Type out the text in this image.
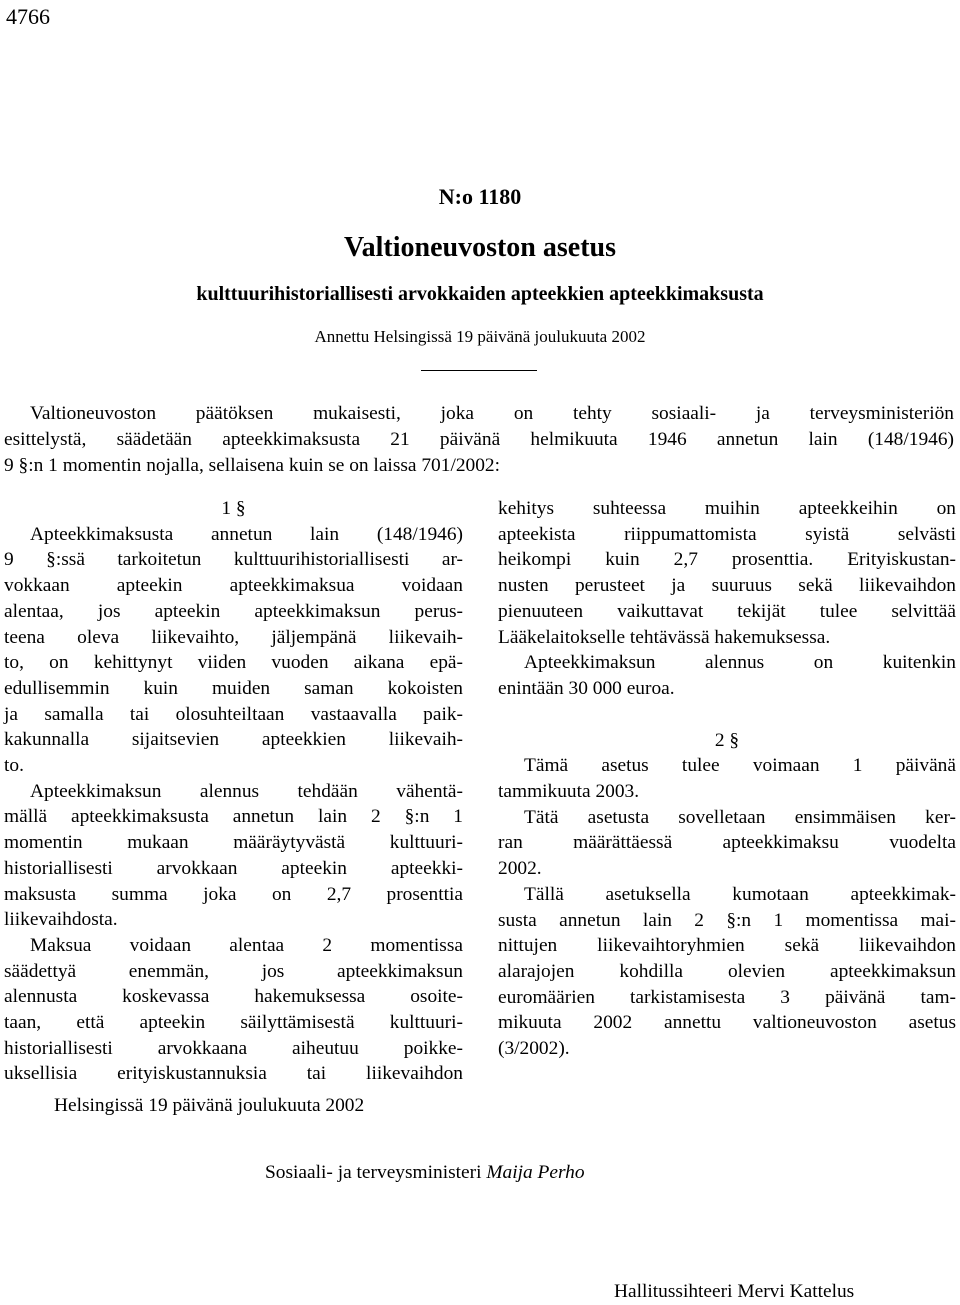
4766
N:o 1180
Valtioneuvoston asetus
kulttuurihistoriallisesti arvokkaiden apteekkien apteekkimaksusta
Annettu Helsingissä 19 päivänä joulukuuta 2002

Valtioneuvoston päätöksen mukaisesti, joka on tehty sosiaali- ja terveysministeriön

esittelystä, säädetään apteekkimaksusta 21 päivänä helmikuuta 1946 annetun lain (148/1946)

9 §:n 1 momentin nojalla, sellaisena kuin se on laissa 701/2002:

1 §

Apteekkimaksusta annetun lain (148/1946)

9 §:ssä tarkoitetun kulttuurihistoriallisesti ar-

vokkaan apteekin apteekkimaksua voidaan

alentaa, jos apteekin apteekkimaksun perus-

teena oleva liikevaihto, jäljempänä liikevaih-

to, on kehittynyt viiden vuoden aikana epä-

edullisemmin kuin muiden saman kokoisten

ja samalla tai olosuhteiltaan vastaavalla paik-

kakunnalla sijaitsevien apteekkien liikevaih-

to.

Apteekkimaksun alennus tehdään vähentä-

mällä apteekkimaksusta annetun lain 2 §:n 1

momentin mukaan määräytyvästä kulttuuri-

historiallisesti arvokkaan apteekin apteekki-

maksusta summa joka on 2,7 prosenttia

liikevaihdosta.

Maksua voidaan alentaa 2 momentissa

säädettyä enemmän, jos apteekkimaksun

alennusta koskevassa hakemuksessa osoite-

taan, että apteekin säilyttämisestä kulttuuri-

historiallisesti arvokkaana aiheutuu poikke-

uksellisia erityiskustannuksia tai liikevaihdon

kehitys suhteessa muihin apteekkeihin on

apteekista riippumattomista syistä selvästi

heikompi kuin 2,7 prosenttia. Erityiskustan-

nusten perusteet ja suuruus sekä liikevaihdon

pienuuteen vaikuttavat tekijät tulee selvittää

Lääkelaitokselle tehtävässä hakemuksessa.

Apteekkimaksun alennus on kuitenkin

enintään 30 000 euroa.

2 §

Tämä asetus tulee voimaan 1 päivänä

tammikuuta 2003.

Tätä asetusta sovelletaan ensimmäisen ker-

ran määrättäessä apteekkimaksu vuodelta

2002.

Tällä asetuksella kumotaan apteekkimak-

susta annetun lain 2 §:n 1 momentissa mai-

nittujen liikevaihtoryhmien sekä liikevaihdon

alarajojen kohdilla olevien apteekkimaksun

euromäärien tarkistamisesta 3 päivänä tam-

mikuuta 2002 annettu valtioneuvoston asetus

(3/2002).

Helsingissä 19 päivänä joulukuuta 2002
Sosiaali- ja terveysministeri Maija Perho
Hallitussihteeri Mervi Kattelus
